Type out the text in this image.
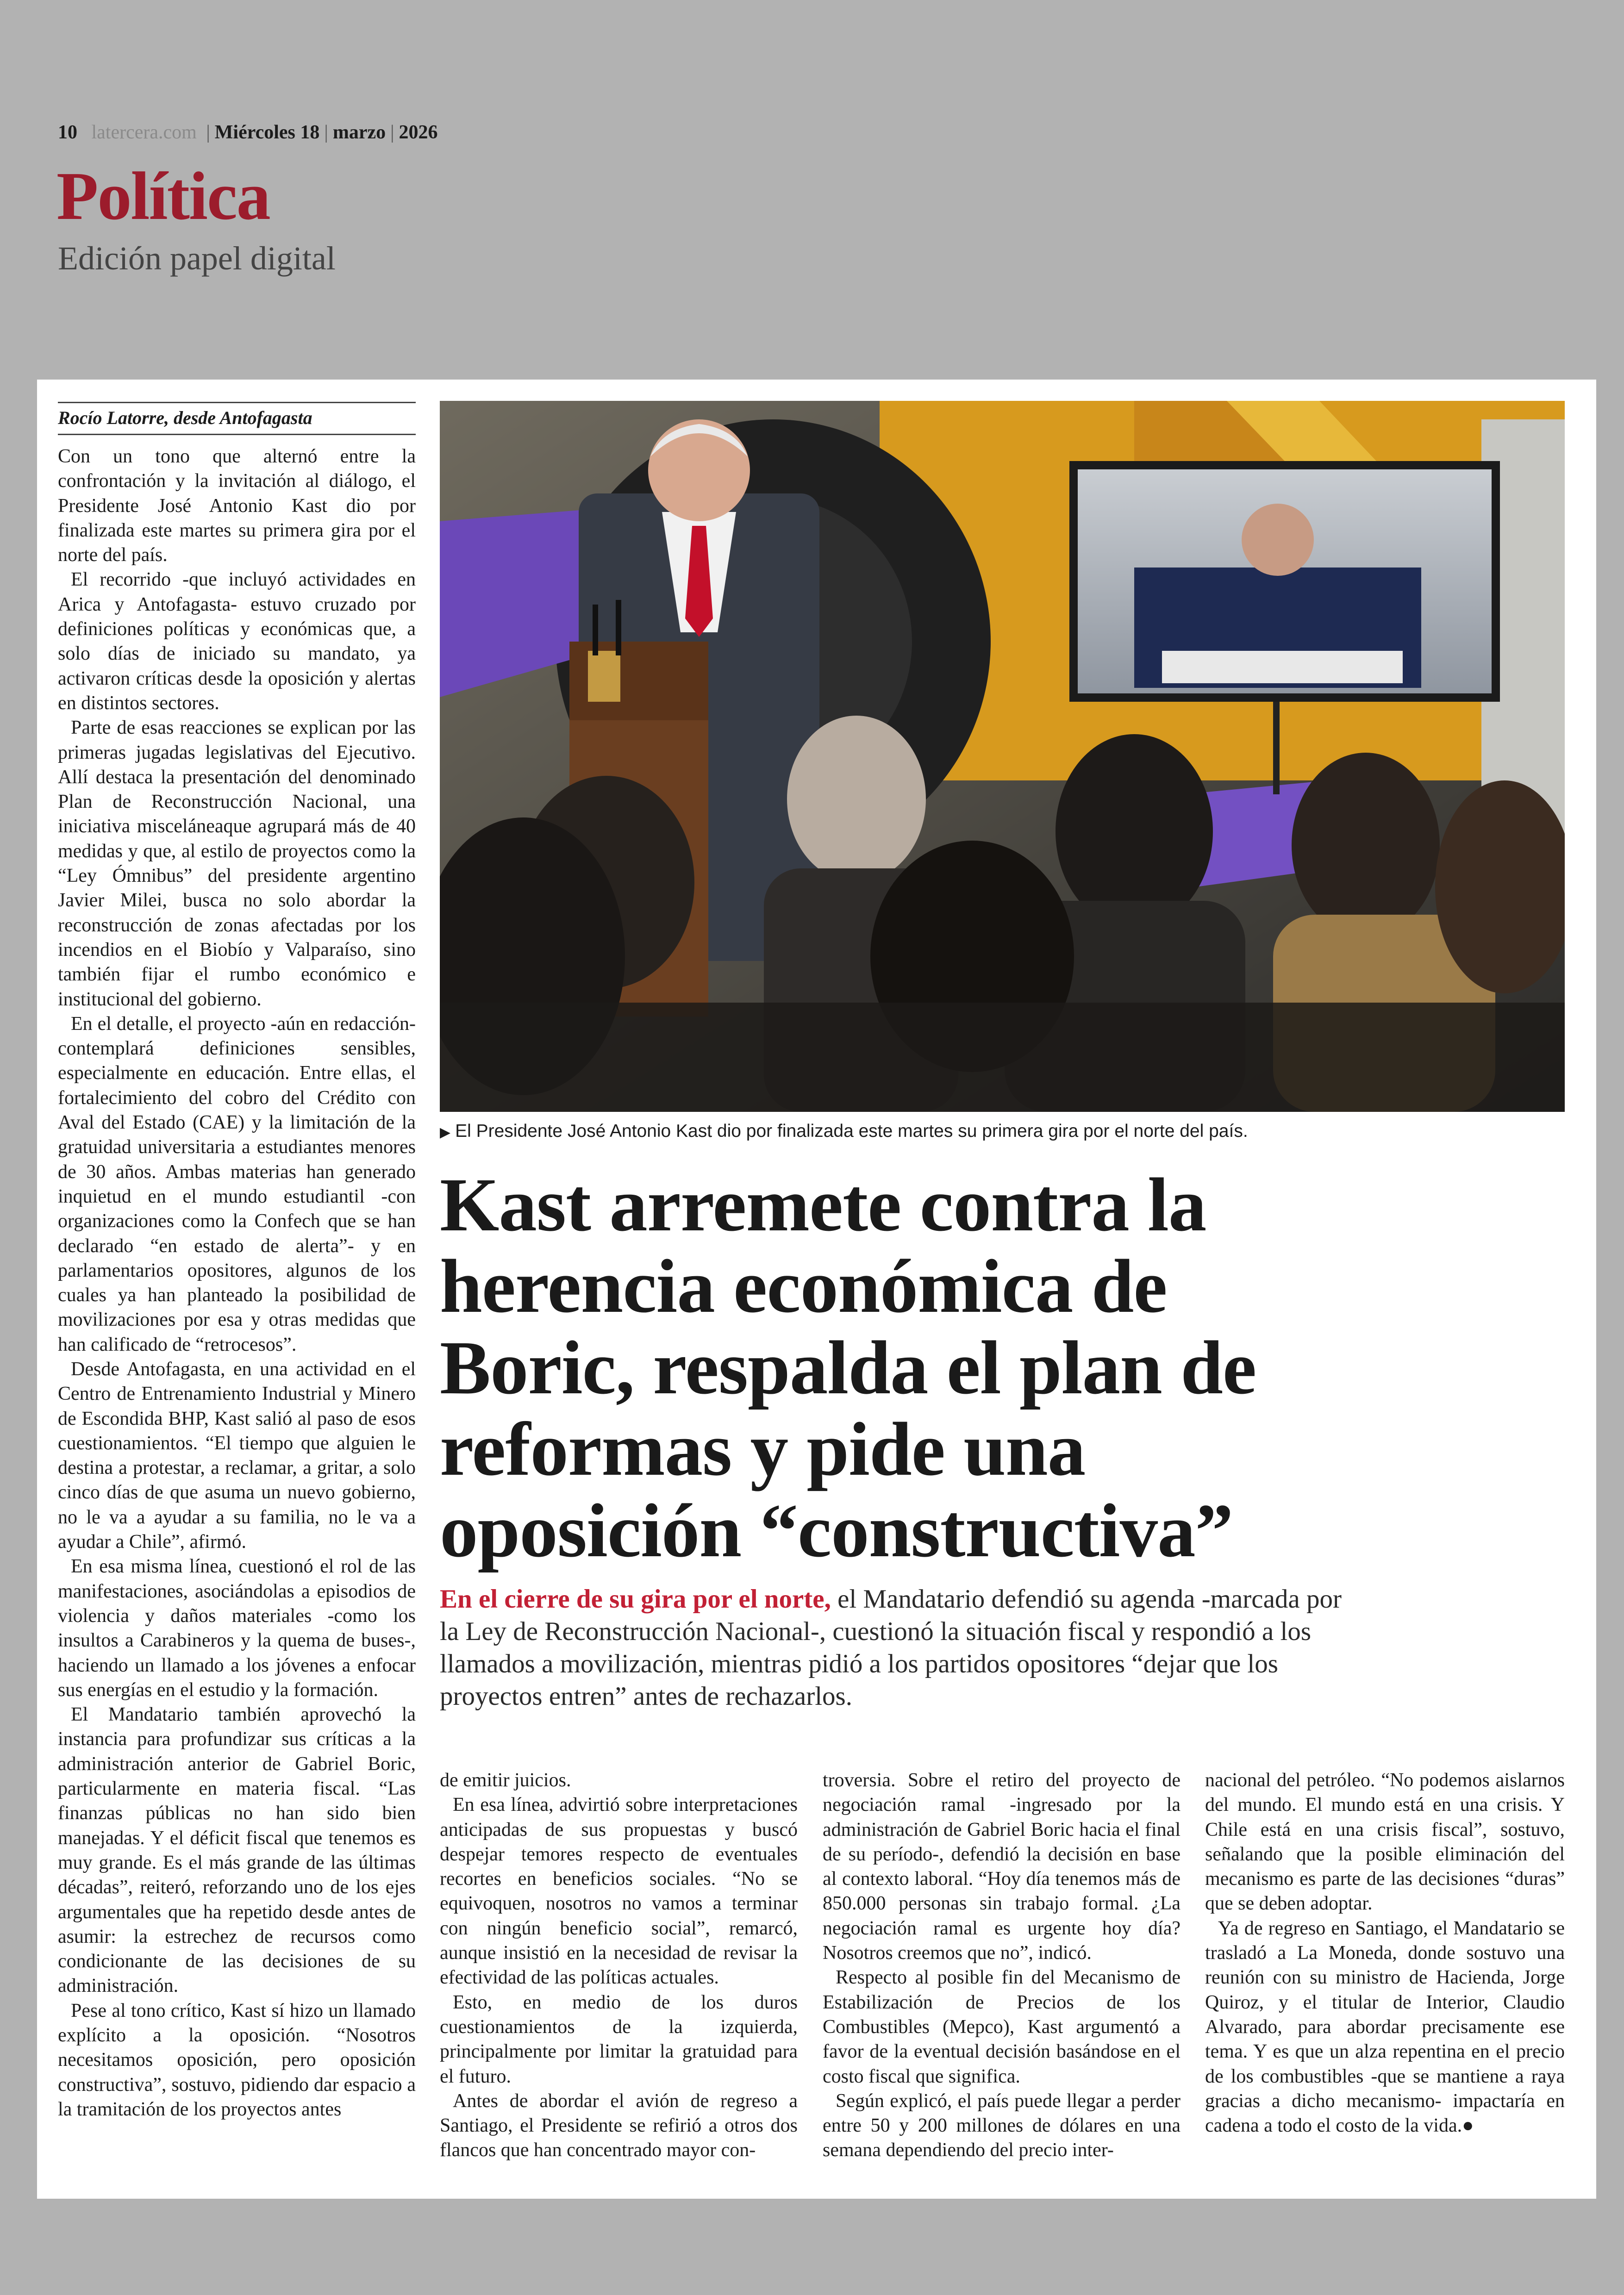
10 latercera.com | Miércoles 18 | marzo | 2026
Política
Edición papel digital
Rocío Latorre, desde Antofagasta

Con un tono que alternó entre la confrontación y la invitación al diálogo, el Presidente José Antonio Kast dio por finalizada este martes su primera gira por el norte del país.

El recorrido -que incluyó actividades en Arica y Antofagasta- estuvo cruzado por definiciones políticas y económicas que, a solo días de iniciado su mandato, ya activaron críticas desde la oposición y alertas en distintos sectores.

Parte de esas reacciones se explican por las primeras jugadas legislativas del Ejecutivo. Allí destaca la presentación del denominado Plan de Reconstrucción Nacional, una iniciativa misceláneaque agrupará más de 40 medidas y que, al estilo de proyectos como la “Ley Ómnibus” del presidente argentino Javier Milei, busca no solo abordar la reconstrucción de zonas afectadas por los incendios en el Biobío y Valparaíso, sino también fijar el rumbo económico e institucional del gobierno.

En el detalle, el proyecto -aún en redacción- contemplará definiciones sensibles, especialmente en educación. Entre ellas, el fortalecimiento del cobro del Crédito con Aval del Estado (CAE) y la limitación de la gratuidad universitaria a estudiantes menores de 30 años. Ambas materias han generado inquietud en el mundo estudiantil -con organizaciones como la Confech que se han declarado “en estado de alerta”- y en parlamentarios opositores, algunos de los cuales ya han planteado la posibilidad de movilizaciones por esa y otras medidas que han calificado de “retrocesos”.

Desde Antofagasta, en una actividad en el Centro de Entrenamiento Industrial y Minero de Escondida BHP, Kast salió al paso de esos cuestionamientos. “El tiempo que alguien le destina a protestar, a reclamar, a gritar, a solo cinco días de que asuma un nuevo gobierno, no le va a ayudar a su familia, no le va a ayudar a Chile”, afirmó.

En esa misma línea, cuestionó el rol de las manifestaciones, asociándolas a episodios de violencia y daños materiales -como los insultos a Carabineros y la quema de buses-, haciendo un llamado a los jóvenes a enfocar sus energías en el estudio y la formación.

El Mandatario también aprovechó la instancia para profundizar sus críticas a la administración anterior de Gabriel Boric, particularmente en materia fiscal. “Las finanzas públicas no han sido bien manejadas. Y el déficit fiscal que tenemos es muy grande. Es el más grande de las últimas décadas”, reiteró, reforzando uno de los ejes argumentales que ha repetido desde antes de asumir: la estrechez de recursos como condicionante de las decisiones de su administración.

Pese al tono crítico, Kast sí hizo un llamado explícito a la oposición. “Nosotros necesitamos oposición, pero oposición constructiva”, sostuvo, pidiendo dar espacio a la tramitación de los proyectos antes

▶ El Presidente José Antonio Kast dio por finalizada este martes su primera gira por el norte del país.
Kast arremete contra la herencia económica de Boric, respalda el plan de reformas y pide una oposición “constructiva”

En el cierre de su gira por el norte, el Mandatario defendió su agenda -marcada por la Ley de Reconstrucción Nacional-, cuestionó la situación fiscal y respondió a los llamados a movilización, mientras pidió a los partidos opositores “dejar que los proyectos entren” antes de rechazarlos.

de emitir juicios.

En esa línea, advirtió sobre interpretaciones anticipadas de sus propuestas y buscó despejar temores respecto de eventuales recortes en beneficios sociales. “No se equivoquen, nosotros no vamos a terminar con ningún beneficio social”, remarcó, aunque insistió en la necesidad de revisar la efectividad de las políticas actuales.

Esto, en medio de los duros cuestionamientos de la izquierda, principalmente por limitar la gratuidad para el futuro.

Antes de abordar el avión de regreso a Santiago, el Presidente se refirió a otros dos flancos que han concentrado mayor con-

troversia. Sobre el retiro del proyecto de negociación ramal -ingresado por la administración de Gabriel Boric hacia el final de su período-, defendió la decisión en base al contexto laboral. “Hoy día tenemos más de 850.000 personas sin trabajo formal. ¿La negociación ramal es urgente hoy día? Nosotros creemos que no”, indicó.

Respecto al posible fin del Mecanismo de Estabilización de Precios de los Combustibles (Mepco), Kast argumentó a favor de la eventual decisión basándose en el costo fiscal que significa.

Según explicó, el país puede llegar a perder entre 50 y 200 millones de dólares en una semana dependiendo del precio inter-

nacional del petróleo. “No podemos aislarnos del mundo. El mundo está en una crisis. Y Chile está en una crisis fiscal”, sostuvo, señalando que la posible eliminación del mecanismo es parte de las decisiones “duras” que se deben adoptar.

Ya de regreso en Santiago, el Mandatario se trasladó a La Moneda, donde sostuvo una reunión con su ministro de Hacienda, Jorge Quiroz, y el titular de Interior, Claudio Alvarado, para abordar precisamente ese tema. Y es que un alza repentina en el precio de los combustibles -que se mantiene a raya gracias a dicho mecanismo- impactaría en cadena a todo el costo de la vida.●
